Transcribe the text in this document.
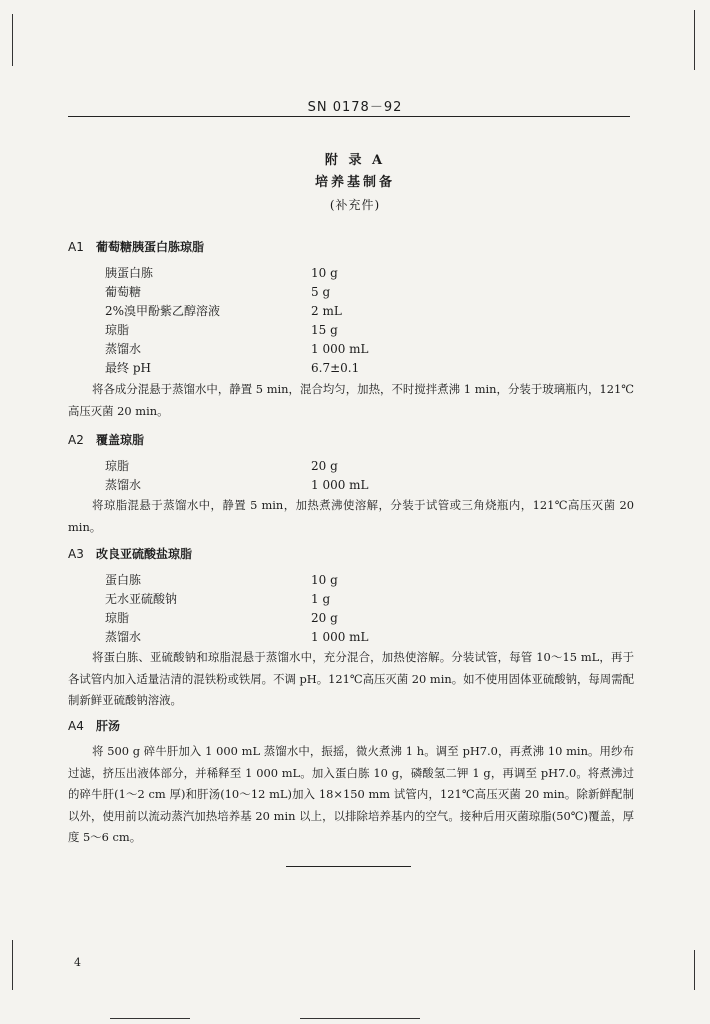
SN 0178－92
附 录 A
培养基制备
(补充件)
A1 葡萄糖胰蛋白胨琼脂
胰蛋白胨	10 g
葡萄糖	5 g
2%溴甲酚紫乙醇溶液	2 mL
琼脂	15 g
蒸馏水	1 000 mL
最终 pH	6.7±0.1
将各成分混悬于蒸馏水中，静置 5 min，混合均匀，加热，不时搅拌煮沸 1 min，分装于玻璃瓶内，121℃高压灭菌 20 min。
A2 覆盖琼脂
琼脂	20 g
蒸馏水	1 000 mL
将琼脂混悬于蒸馏水中，静置 5 min，加热煮沸使溶解，分装于试管或三角烧瓶内，121℃高压灭菌 20 min。
A3 改良亚硫酸盐琼脂
蛋白胨	10 g
无水亚硫酸钠	1 g
琼脂	20 g
蒸馏水	1 000 mL
将蛋白胨、亚硫酸钠和琼脂混悬于蒸馏水中，充分混合，加热使溶解。分装试管，每管 10～15 mL，再于各试管内加入适量洁清的混铁粉或铁屑。不调 pH。121℃高压灭菌 20 min。如不使用固体亚硫酸钠，每周需配制新鲜亚硫酸钠溶液。
A4 肝汤
将 500 g 碎牛肝加入 1 000 mL 蒸馏水中，振摇，微火煮沸 1 h。调至 pH7.0，再煮沸 10 min。用纱布过滤，挤压出液体部分，并稀释至 1 000 mL。加入蛋白胨 10 g，磷酸氢二钾 1 g，再调至 pH7.0。将煮沸过的碎牛肝(1～2 cm 厚)和肝汤(10～12 mL)加入 18×150 mm 试管内，121℃高压灭菌 20 min。除新鲜配制以外，使用前以流动蒸汽加热培养基 20 min 以上，以排除培养基内的空气。接种后用灭菌琼脂(50℃)覆盖，厚度 5～6 cm。
4
